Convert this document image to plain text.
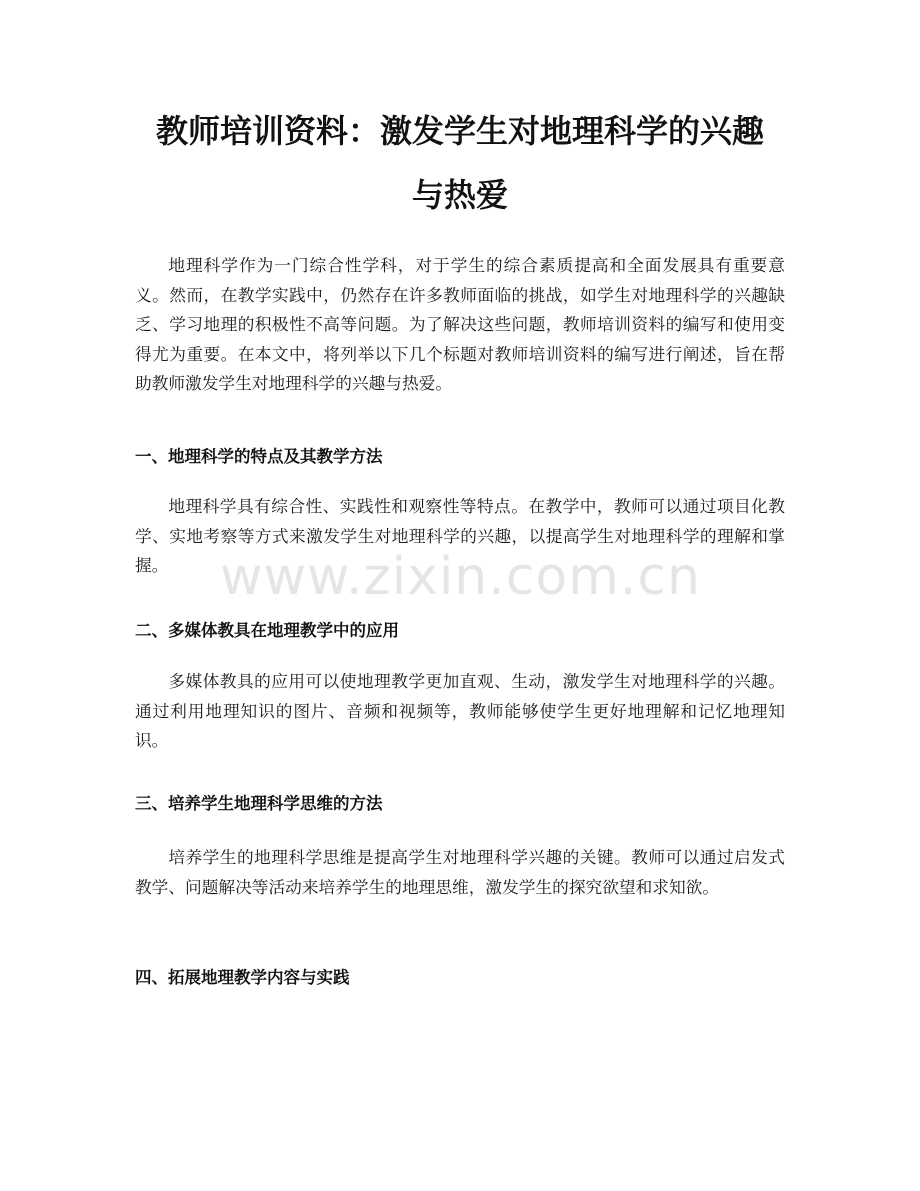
教师培训资料：激发学生对地理科学的兴趣
与热爱

地理科学作为一门综合性学科，对于学生的综合素质提高和全面发展具有重要意义。然而，在教学实践中，仍然存在许多教师面临的挑战，如学生对地理科学的兴趣缺乏、学习地理的积极性不高等问题。为了解决这些问题，教师培训资料的编写和使用变得尤为重要。在本文中，将列举以下几个标题对教师培训资料的编写进行阐述，旨在帮助教师激发学生对地理科学的兴趣与热爱。

一、地理科学的特点及其教学方法

地理科学具有综合性、实践性和观察性等特点。在教学中，教师可以通过项目化教学、实地考察等方式来激发学生对地理科学的兴趣，以提高学生对地理科学的理解和掌握。

二、多媒体教具在地理教学中的应用

多媒体教具的应用可以使地理教学更加直观、生动，激发学生对地理科学的兴趣。通过利用地理知识的图片、音频和视频等，教师能够使学生更好地理解和记忆地理知识。

三、培养学生地理科学思维的方法

培养学生的地理科学思维是提高学生对地理科学兴趣的关键。教师可以通过启发式教学、问题解决等活动来培养学生的地理思维，激发学生的探究欲望和求知欲。

四、拓展地理教学内容与实践
www.zixin.com.cn
